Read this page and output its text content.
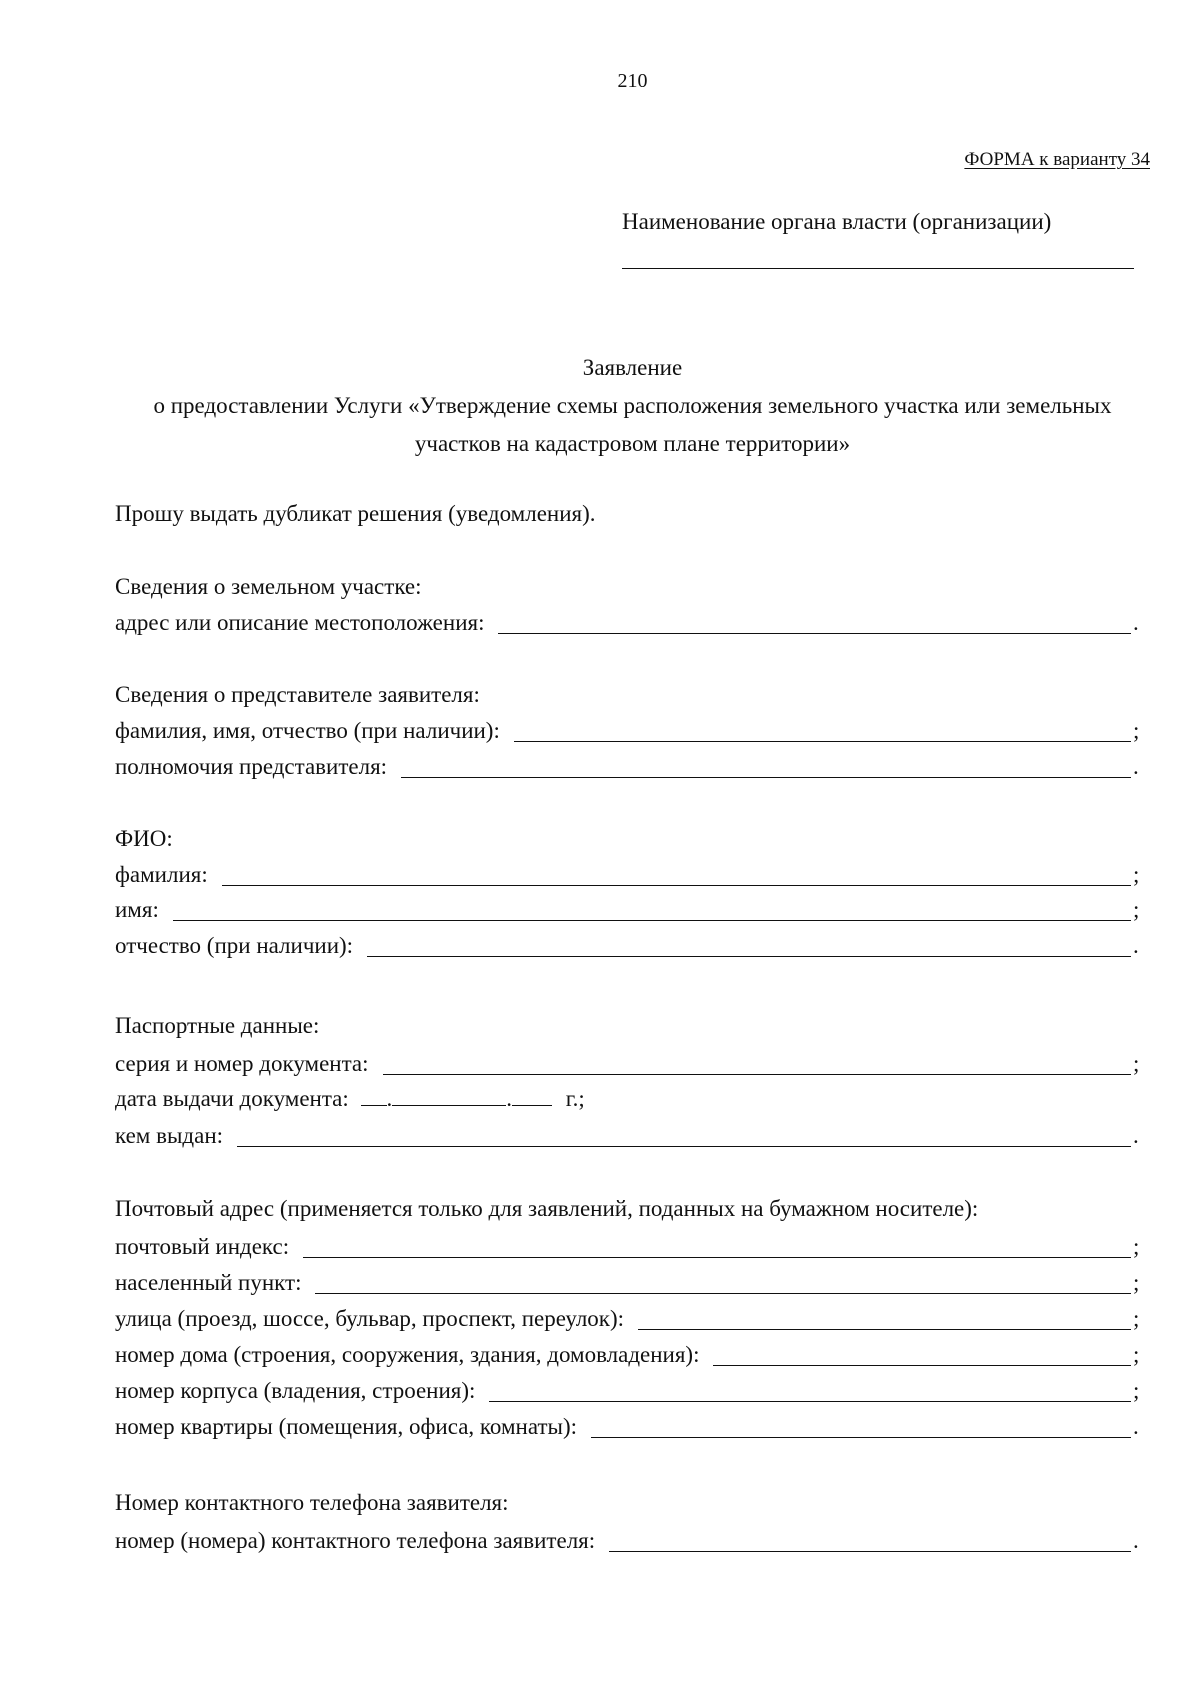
210
ФОРМА к варианту 34
Наименование органа власти (организации)
Заявление
о предоставлении Услуги «Утверждение схемы расположения земельного участка или земельных
участков на кадастровом плане территории»
Прошу выдать дубликат решения (уведомления).
Сведения о земельном участке:
адрес или описание местоположения:	.
Сведения о представителе заявителя:
фамилия, имя, отчество (при наличии):	;
полномочия представителя:	.
ФИО:
фамилия:	;
имя:	;
отчество (при наличии):	.
Паспортные данные:
серия и номер документа:	;
дата выдачи документа: .	. г.;
кем выдан:	.
Почтовый адрес (применяется только для заявлений, поданных на бумажном носителе):
почтовый индекс:	;
населенный пункт:	;
улица (проезд, шоссе, бульвар, проспект, переулок):	;
номер дома (строения, сооружения, здания, домовладения):	;
номер корпуса (владения, строения):	;
номер квартиры (помещения, офиса, комнаты):	.
Номер контактного телефона заявителя:
номер (номера) контактного телефона заявителя:	.
